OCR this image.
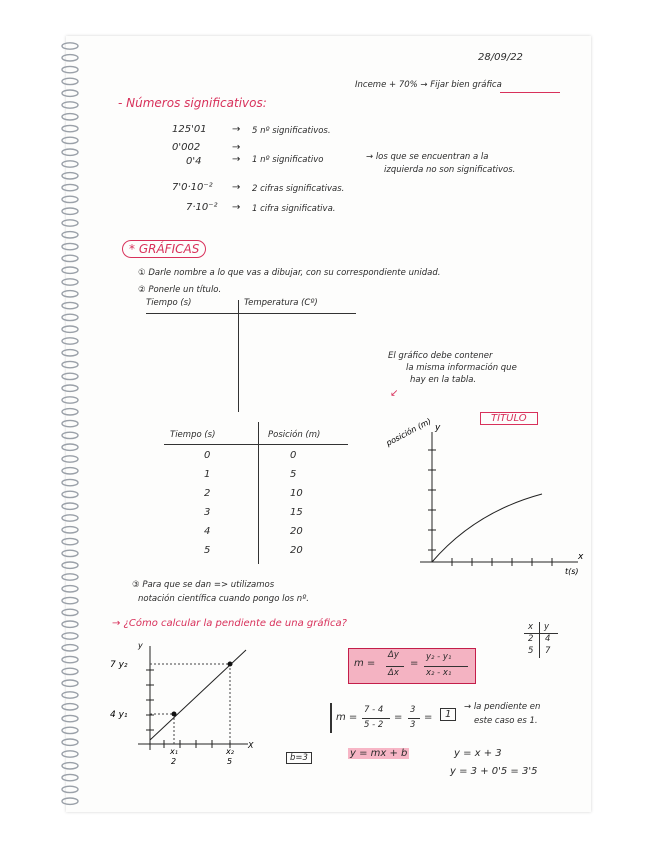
28/09/22
Inceme + 70% → Fijar bien gráfica
- Números significativos:
125'01	→ 5 nº significativos.
0'002	→
0'4	→ 1 nº significativo	→ los que se encuentran a la
izquierda no son significativos.
7'0·10⁻² → 2 cifras significativas.
7·10⁻² → 1 cifra significativa.
* GRÁFICAS
① Darle nombre a lo que vas a dibujar, con su correspondiente unidad.
② Ponerle un título.
Tiempo (s)	Temperatura (Cº)
El gráfico debe contener
la misma información que
hay en la tabla.
↙
Tiempo (s)	Posición (m)
0	0
1	5
2	10
3	15
4	20
5	20
posición (m) y
x
t(s)
TÍTULO
③ Para que se dan => utilizamos
notación científica cuando pongo los nº.
→ ¿Cómo calcular la pendiente de una gráfica?	x y
2 4
5 7
7 y₂
4 y₁
y
X
x₁	x₂
2	5
m =
Δy
Δx
=
y₂ - y₁
x₂ - x₁
m =
7 - 4
5 - 2
=
3
3
=	1
→ la pendiente en
este caso es 1.
b=3	y = mx + b	y = x + 3
y = 3 + 0'5 = 3'5
